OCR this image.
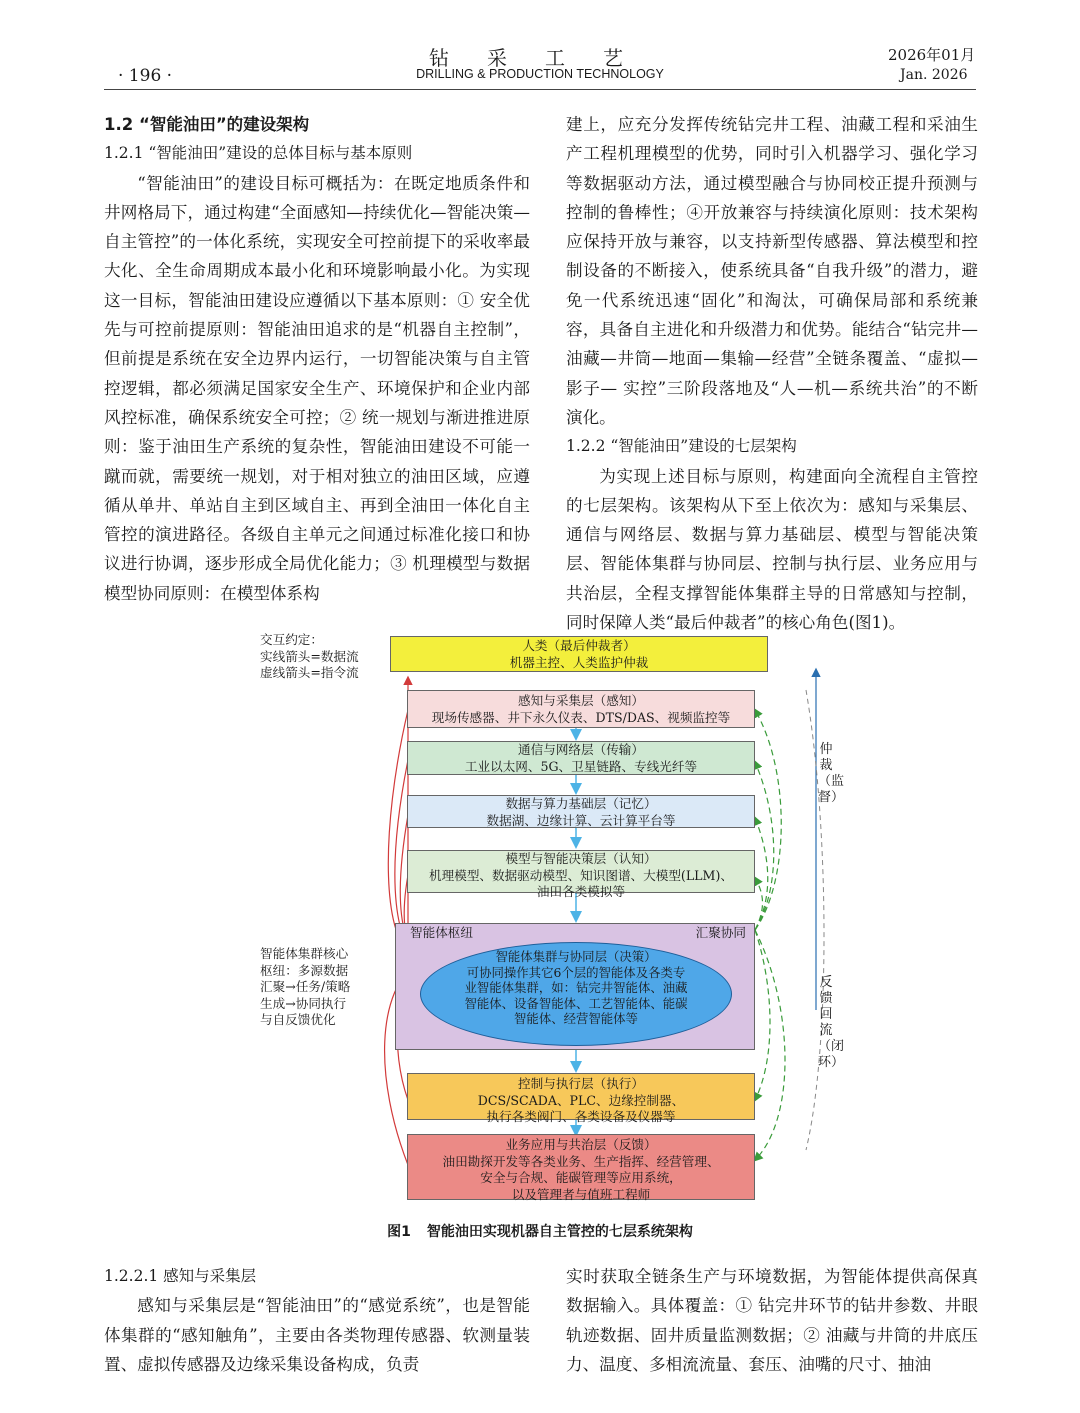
· 196 ·
钻采工艺
DRILLING & PRODUCTION TECHNOLOGY
2026年01月
Jan. 2026

1.2 “智能油田”的建设架构

1.2.1 “智能油田”建设的总体目标与基本原则

“智能油田”的建设目标可概括为：在既定地质条件和井网格局下，通过构建“全面感知—持续优化—智能决策—自主管控”的一体化系统，实现安全可控前提下的采收率最大化、全生命周期成本最小化和环境影响最小化。为实现这一目标，智能油田建设应遵循以下基本原则：① 安全优先与可控前提原则：智能油田追求的是“机器自主控制”，但前提是系统在安全边界内运行，一切智能决策与自主管控逻辑，都必须满足国家安全生产、环境保护和企业内部风控标准，确保系统安全可控；② 统一规划与渐进推进原则：鉴于油田生产系统的复杂性，智能油田建设不可能一蹴而就，需要统一规划，对于相对独立的油田区域，应遵循从单井、单站自主到区域自主、再到全油田一体化自主管控的演进路径。各级自主单元之间通过标准化接口和协议进行协调，逐步形成全局优化能力；③ 机理模型与数据模型协同原则：在模型体系构

建上，应充分发挥传统钻完井工程、油藏工程和采油生产工程机理模型的优势，同时引入机器学习、强化学习等数据驱动方法，通过模型融合与协同校正提升预测与控制的鲁棒性；④开放兼容与持续演化原则：技术架构应保持开放与兼容，以支持新型传感器、算法模型和控制设备的不断接入，使系统具备“自我升级”的潜力，避免一代系统迅速“固化”和淘汰，可确保局部和系统兼容，具备自主进化和升级潜力和优势。能结合“钻完井—油藏—井筒—地面—集输—经营”全链条覆盖、“虚拟—影子— 实控”三阶段落地及“人—机—系统共治”的不断演化。

1.2.2 “智能油田”建设的七层架构

为实现上述目标与原则，构建面向全流程自主管控的七层架构。该架构从下至上依次为：感知与采集层、通信与网络层、数据与算力基础层、模型与智能决策层、智能体集群与协同层、控制与执行层、业务应用与共治层，全程支撑智能体集群主导的日常感知与控制，同时保障人类“最后仲裁者”的核心角色(图1)。

交互约定：
实线箭头=数据流
虚线箭头=指令流
人类（最后仲裁者）
机器主控、人类监护仲裁
感知与采集层（感知）
现场传感器、井下永久仪表、DTS/DAS、视频监控等
通信与网络层（传输）
工业以太网、5G、卫星链路、专线光纤等
数据与算力基础层（记忆）
数据湖、边缘计算、云计算平台等
模型与智能决策层（认知）
机理模型、数据驱动模型、知识图谱、大模型(LLM)、
油田各类模拟等
智能体枢纽	汇聚协同
智能体集群与协同层（决策）
可协同操作其它6个层的智能体及各类专
业智能体集群，如：钻完井智能体、油藏
智能体、设备智能体、工艺智能体、能碳
智能体、经营智能体等
控制与执行层（执行）
DCS/SCADA、PLC、边缘控制器、
执行各类阀门、各类设备及仪器等
业务应用与共治层（反馈）
油田勘探开发等各类业务、生产指挥、经营管理、
安全与合规、能碳管理等应用系统，
以及管理者与值班工程师
智能体集群核心
枢纽：多源数据
汇聚→任务/策略
生成→协同执行
与自反馈优化
仲裁（监督）
反馈回流（闭环）
图1 智能油田实现机器自主管控的七层系统架构

1.2.2.1 感知与采集层

感知与采集层是“智能油田”的“感觉系统”，也是智能体集群的“感知触角”，主要由各类物理传感器、软测量装置、虚拟传感器及边缘采集设备构成，负责

实时获取全链条生产与环境数据，为智能体提供高保真数据输入。具体覆盖：① 钻完井环节的钻井参数、井眼轨迹数据、固井质量监测数据；② 油藏与井筒的井底压力、温度、多相流流量、套压、油嘴的尺寸、抽油
